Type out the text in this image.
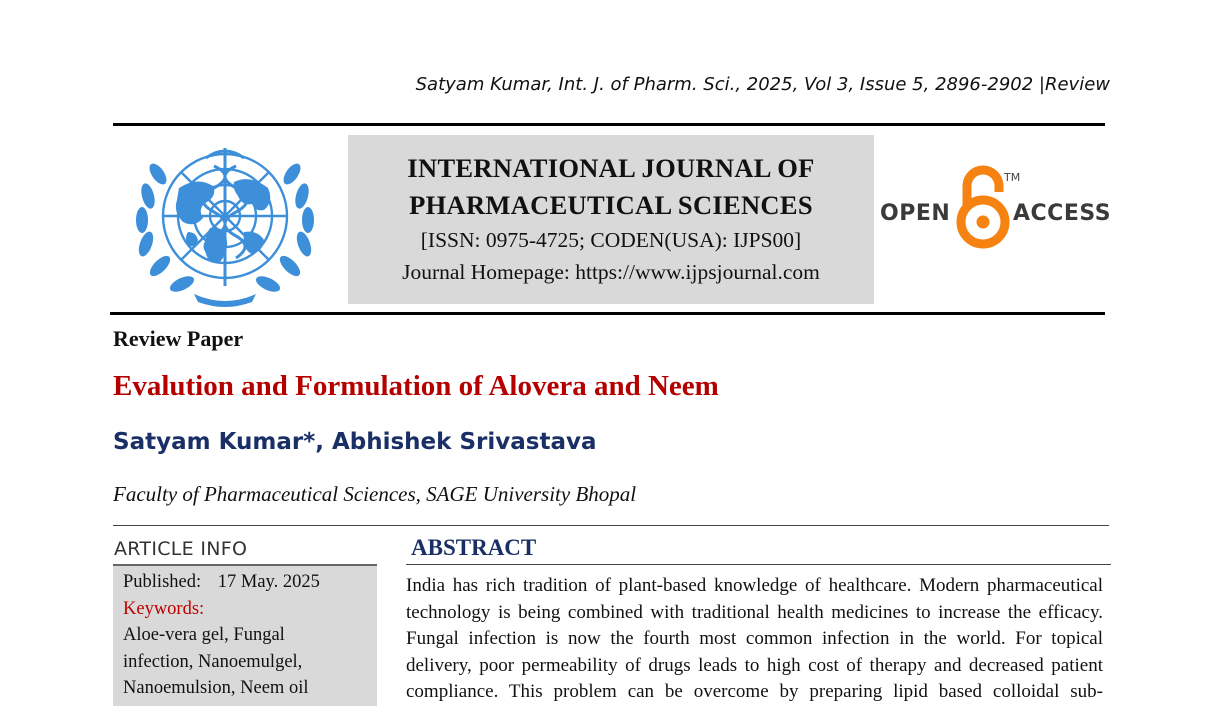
Satyam Kumar, Int. J. of Pharm. Sci., 2025, Vol 3, Issue 5, 2896-2902 |Review
INTERNATIONAL JOURNAL OF
PHARMACEUTICAL SCIENCES
[ISSN: 0975-4725; CODEN(USA): IJPS00]
Journal Homepage: https://www.ijpsjournal.com
OPEN
TM
ACCESS
Review Paper
Evalution and Formulation of Alovera and Neem
Satyam Kumar*, Abhishek Srivastava
Faculty of Pharmaceutical Sciences, SAGE University Bhopal
ARTICLE INFO
Published: 17 May. 2025
Keywords:
Aloe-vera gel, Fungal
infection, Nanoemulgel,
Nanoemulsion, Neem oil
ABSTRACT
India has rich tradition of plant-based knowledge of healthcare. Modern pharmaceutical
technology is being combined with traditional health medicines to increase the efficacy.
Fungal infection is now the fourth most common infection in the world. For topical
delivery, poor permeability of drugs leads to high cost of therapy and decreased patient
compliance. This problem can be overcome by preparing lipid based colloidal sub-
